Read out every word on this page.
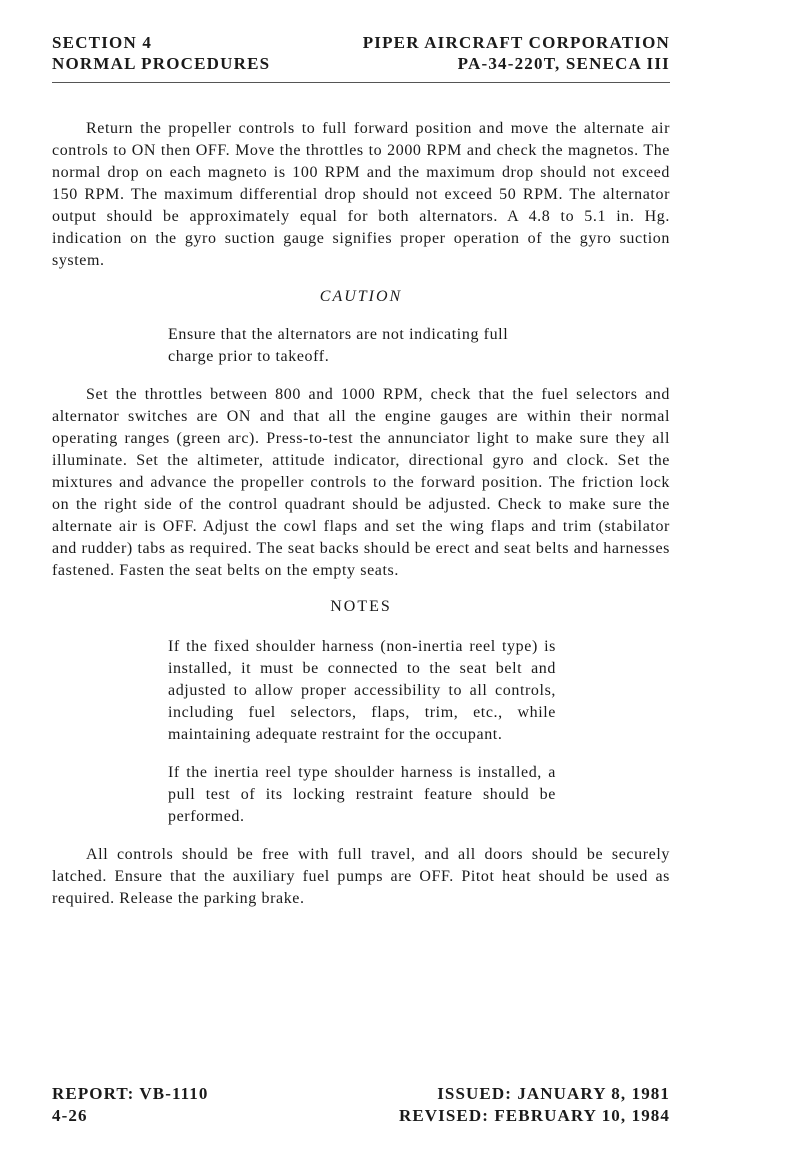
SECTION 4	PIPER AIRCRAFT CORPORATION
NORMAL PROCEDURES	PA-34-220T, SENECA III

Return the propeller controls to full forward position and move the alternate air controls to ON then OFF. Move the throttles to 2000 RPM and check the magnetos. The normal drop on each magneto is 100 RPM and the maximum drop should not exceed 150 RPM. The maximum differential drop should not exceed 50 RPM. The alternator output should be approximately equal for both alternators. A 4.8 to 5.1 in. Hg. indication on the gyro suction gauge signifies proper operation of the gyro suction system.

CAUTION

Ensure that the alternators are not indicating full charge prior to takeoff.

Set the throttles between 800 and 1000 RPM, check that the fuel selectors and alternator switches are ON and that all the engine gauges are within their normal operating ranges (green arc). Press-to-test the annunciator light to make sure they all illuminate. Set the altimeter, attitude indicator, directional gyro and clock. Set the mixtures and advance the propeller controls to the forward position. The friction lock on the right side of the control quadrant should be adjusted. Check to make sure the alternate air is OFF. Adjust the cowl flaps and set the wing flaps and trim (stabilator and rudder) tabs as required. The seat backs should be erect and seat belts and harnesses fastened. Fasten the seat belts on the empty seats.

NOTES

If the fixed shoulder harness (non-inertia reel type) is installed, it must be connected to the seat belt and adjusted to allow proper accessibility to all controls, including fuel selectors, flaps, trim, etc., while maintaining adequate restraint for the occupant.

If the inertia reel type shoulder harness is installed, a pull test of its locking restraint feature should be performed.

All controls should be free with full travel, and all doors should be securely latched. Ensure that the auxiliary fuel pumps are OFF. Pitot heat should be used as required. Release the parking brake.

REPORT: VB-1110	ISSUED: JANUARY 8, 1981
4-26	REVISED: FEBRUARY 10, 1984
